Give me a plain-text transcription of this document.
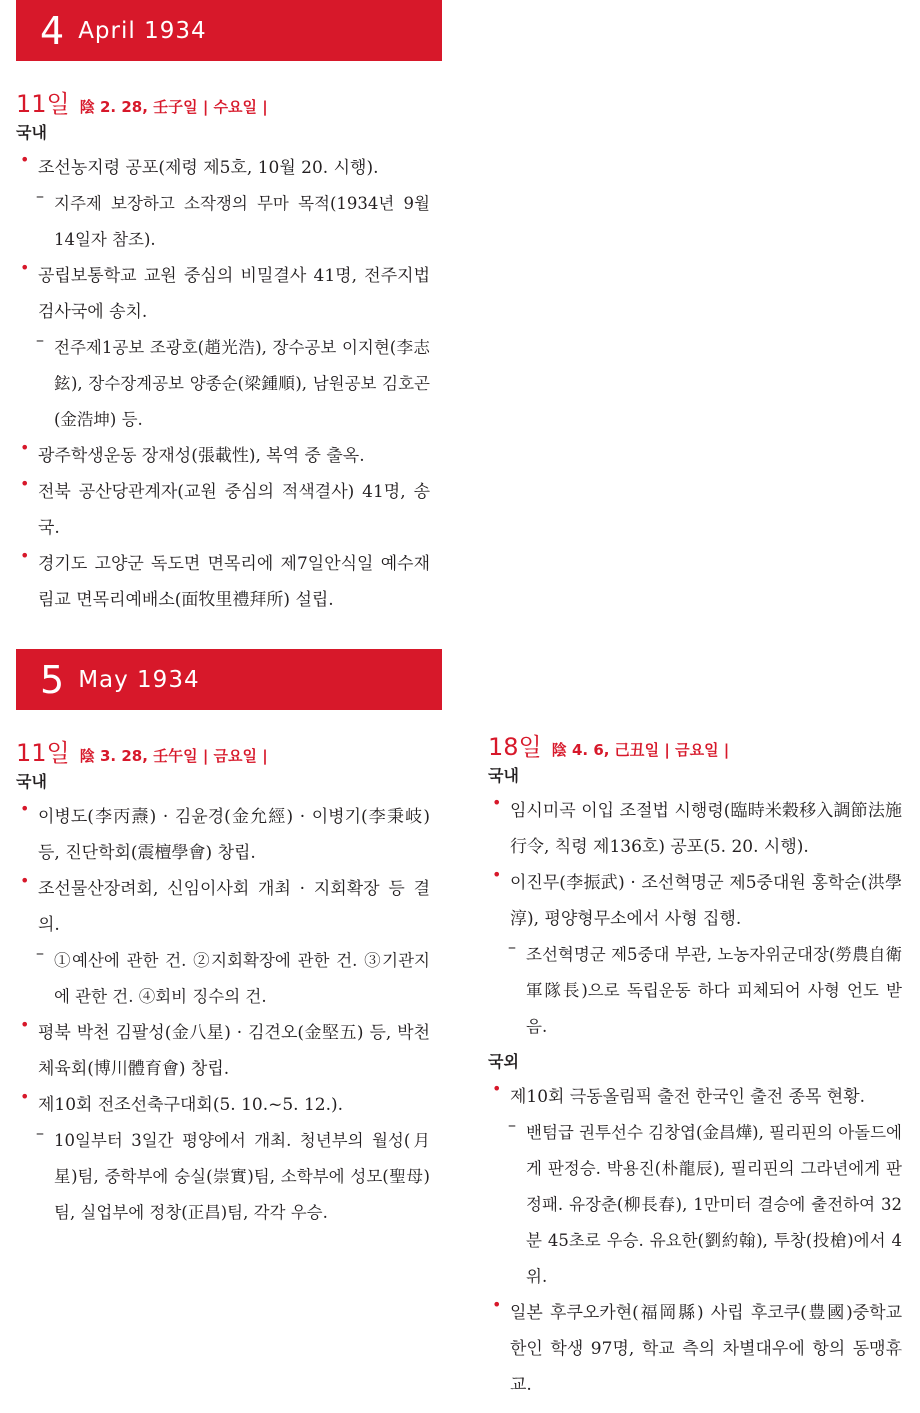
4 April 1934
11일 陰 2. 28, 壬子일 | 수요일 |
국내
• 조선농지령 공포(제령 제5호, 10월 20. 시행).
– 지주제 보장하고 소작쟁의 무마 목적(1934년 9월 14일자 참조).
• 공립보통학교 교원 중심의 비밀결사 41명, 전주지법 검사국에 송치.
– 전주제1공보 조광호(趙光浩), 장수공보 이지현(李志鉉), 장수장계공보 양종순(梁鍾順), 남원공보 김호곤(金浩坤) 등.
• 광주학생운동 장재성(張載性), 복역 중 출옥.
• 전북 공산당관계자(교원 중심의 적색결사) 41명, 송국.
• 경기도 고양군 독도면 면목리에 제7일안식일 예수재림교 면목리예배소(面牧里禮拜所) 설립.
5 May 1934
11일 陰 3. 28, 壬午일 | 금요일 |
국내
• 이병도(李丙燾) · 김윤경(金允經) · 이병기(李秉岐) 등, 진단학회(震檀學會) 창립.
• 조선물산장려회, 신임이사회 개최 · 지회확장 등 결의.
– ①예산에 관한 건. ②지회확장에 관한 건. ③기관지에 관한 건. ④회비 징수의 건.
• 평북 박천 김팔성(金八星) · 김견오(金堅五) 등, 박천체육회(博川體育會) 창립.
• 제10회 전조선축구대회(5. 10.~5. 12.).
– 10일부터 3일간 평양에서 개최. 청년부의 월성(月星)팀, 중학부에 숭실(崇實)팀, 소학부에 성모(聖母)팀, 실업부에 정창(正昌)팀, 각각 우승.
18일 陰 4. 6, 己丑일 | 금요일 |
국내
• 임시미곡 이입 조절법 시행령(臨時米穀移入調節法施行令, 칙령 제136호) 공포(5. 20. 시행).
• 이진무(李振武) · 조선혁명군 제5중대원 홍학순(洪學淳), 평양형무소에서 사형 집행.
– 조선혁명군 제5중대 부관, 노농자위군대장(勞農自衛軍隊長)으로 독립운동 하다 피체되어 사형 언도 받음.
국외
• 제10회 극동올림픽 출전 한국인 출전 종목 현황.
– 밴텀급 권투선수 김창엽(金昌燁), 필리핀의 아돌드에게 판정승. 박용진(朴龍辰), 필리핀의 그라년에게 판정패. 유장춘(柳長春), 1만미터 결승에 출전하여 32분 45초로 우승. 유요한(劉約翰), 투창(投槍)에서 4위.
• 일본 후쿠오카현(福岡縣) 사립 후코쿠(豊國)중학교 한인 학생 97명, 학교 측의 차별대우에 항의 동맹휴교.
